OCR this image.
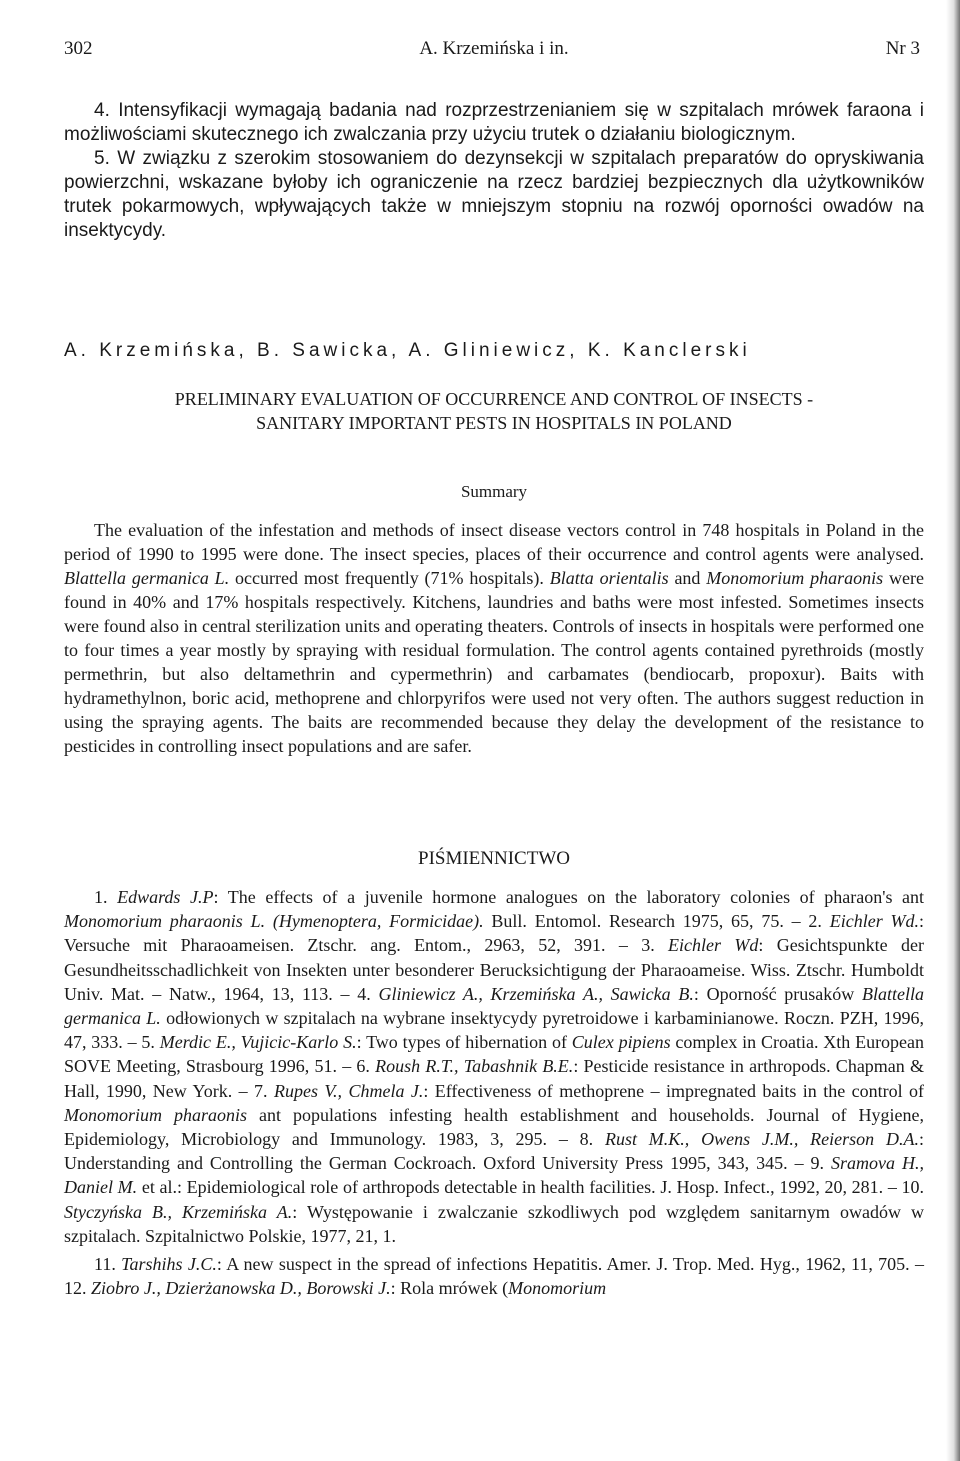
302	A. Krzemińska i in.	Nr 3

4. Intensyfikacji wymagają badania nad rozprzestrzenianiem się w szpitalach mrówek faraona i możliwościami skutecznego ich zwalczania przy użyciu trutek o działaniu biologicznym.

5. W związku z szerokim stosowaniem do dezynsekcji w szpitalach preparatów do opryskiwania powierzchni, wskazane byłoby ich ograniczenie na rzecz bardziej bezpiecznych dla użytkowników trutek pokarmowych, wpływających także w mniejszym stopniu na rozwój oporności owadów na insektycydy.

A. Krzemińska, B. Sawicka, A. Gliniewicz, K. Kanclerski
PRELIMINARY EVALUATION OF OCCURRENCE AND CONTROL OF INSECTS -
SANITARY IMPORTANT PESTS IN HOSPITALS IN POLAND
Summary

The evaluation of the infestation and methods of insect disease vectors control in 748 hospitals in Poland in the period of 1990 to 1995 were done. The insect species, places of their occurrence and control agents were analysed. Blattella germanica L. occurred most frequently (71% hospitals). Blatta orientalis and Monomorium pharaonis were found in 40% and 17% hospitals respectively. Kitchens, laundries and baths were most infested. Sometimes insects were found also in central sterilization units and operating theaters. Controls of insects in hospitals were performed one to four times a year mostly by spraying with residual formulation. The control agents contained pyrethroids (mostly permethrin, but also deltamethrin and cypermethrin) and carbamates (bendiocarb, propoxur). Baits with hydramethylnon, boric acid, methoprene and chlorpyrifos were used not very often. The authors suggest reduction in using the spraying agents. The baits are recommended because they delay the development of the resistance to pesticides in controlling insect populations and are safer.

PIŚMIENNICTWO

1. Edwards J.P: The effects of a juvenile hormone analogues on the laboratory colonies of pharaon's ant Monomorium pharaonis L. (Hymenoptera, Formicidae). Bull. Entomol. Research 1975, 65, 75. – 2. Eichler Wd.: Versuche mit Pharaoameisen. Ztschr. ang. Entom., 2963, 52, 391. – 3. Eichler Wd: Gesichtspunkte der Gesundheitsschadlichkeit von Insekten unter besonderer Berucksichtigung der Pharaoameise. Wiss. Ztschr. Humboldt Univ. Mat. – Natw., 1964, 13, 113. – 4. Gliniewicz A., Krzemińska A., Sawicka B.: Oporność prusaków Blattella germanica L. odłowionych w szpitalach na wybrane insektycydy pyretroidowe i karbaminianowe. Roczn. PZH, 1996, 47, 333. – 5. Merdic E., Vujicic-Karlo S.: Two types of hibernation of Culex pipiens complex in Croatia. Xth European SOVE Meeting, Strasbourg 1996, 51. – 6. Roush R.T., Tabashnik B.E.: Pesticide resistance in arthropods. Chapman & Hall, 1990, New York. – 7. Rupes V., Chmela J.: Effectiveness of methoprene – impregnated baits in the control of Monomorium pharaonis ant populations infesting health establishment and households. Journal of Hygiene, Epidemiology, Microbiology and Immunology. 1983, 3, 295. – 8. Rust M.K., Owens J.M., Reierson D.A.: Understanding and Controlling the German Cockroach. Oxford University Press 1995, 343, 345. – 9. Sramova H., Daniel M. et al.: Epidemiological role of arthropods detectable in health facilities. J. Hosp. Infect., 1992, 20, 281. – 10. Styczyńska B., Krzemińska A.: Występowanie i zwalczanie szkodliwych pod względem sanitarnym owadów w szpitalach. Szpitalnictwo Polskie, 1977, 21, 1.

11. Tarshihs J.C.: A new suspect in the spread of infections Hepatitis. Amer. J. Trop. Med. Hyg., 1962, 11, 705. – 12. Ziobro J., Dzierżanowska D., Borowski J.: Rola mrówek (Monomorium
